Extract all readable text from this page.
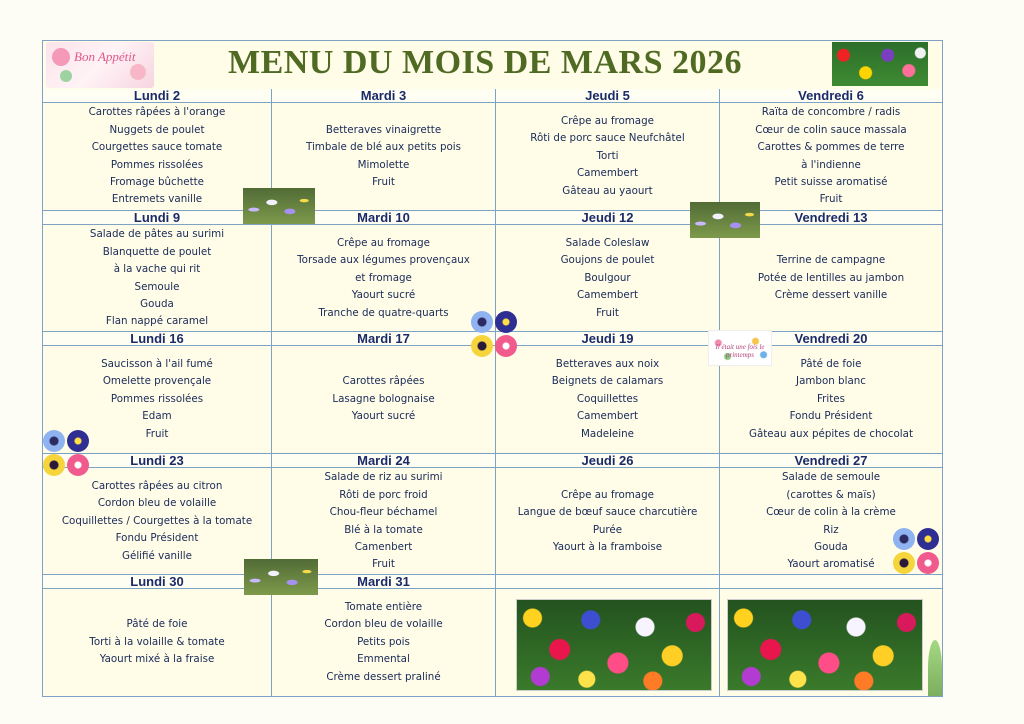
Bon Appétit	MENU DU MOIS DE MARS 2026
Lundi 2
Carottes râpées à l'orange
Nuggets de poulet
Courgettes sauce tomate
Pommes rissolées
Fromage bûchette
Entremets vanille
Mardi 3
Betteraves vinaigrette
Timbale de blé aux petits pois
Mimolette
Fruit
Jeudi 5
Crêpe au fromage
Rôti de porc sauce Neufchâtel
Torti
Camembert
Gâteau au yaourt
Vendredi 6
Raïta de concombre / radis
Cœur de colin sauce massala
Carottes & pommes de terre
à l'indienne
Petit suisse aromatisé
Fruit
Lundi 9
Salade de pâtes au surimi
Blanquette de poulet
à la vache qui rit
Semoule
Gouda
Flan nappé caramel
Mardi 10
Crêpe au fromage
Torsade aux légumes provençaux
et fromage
Yaourt sucré
Tranche de quatre-quarts
Jeudi 12
Salade Coleslaw
Goujons de poulet
Boulgour
Camembert
Fruit
Vendredi 13
Terrine de campagne
Potée de lentilles au jambon
Crème dessert vanille
Lundi 16
Saucisson à l'ail fumé
Omelette provençale
Pommes rissolées
Edam
Fruit
Mardi 17
Carottes râpées
Lasagne bolognaise
Yaourt sucré
Jeudi 19
Betteraves aux noix
Beignets de calamars
Coquillettes
Camembert
Madeleine
Vendredi 20
Pâté de foie
Jambon blanc
Frites
Fondu Président
Gâteau aux pépites de chocolat
Lundi 23
Carottes râpées au citron
Cordon bleu de volaille
Coquillettes / Courgettes à la tomate
Fondu Président
Gélifié vanille
Mardi 24
Salade de riz au surimi
Rôti de porc froid
Chou-fleur béchamel
Blé à la tomate
Camenbert
Fruit
Jeudi 26
Crêpe au fromage
Langue de bœuf sauce charcutière
Purée
Yaourt à la framboise
Vendredi 27
Salade de semoule
(carottes & maïs)
Cœur de colin à la crème
Riz
Gouda
Yaourt aromatisé
Lundi 30
Pâté de foie
Torti à la volaille & tomate
Yaourt mixé à la fraise
Mardi 31
Tomate entière
Cordon bleu de volaille
Petits pois
Emmental
Crème dessert praliné
Il était une fois le printemps
